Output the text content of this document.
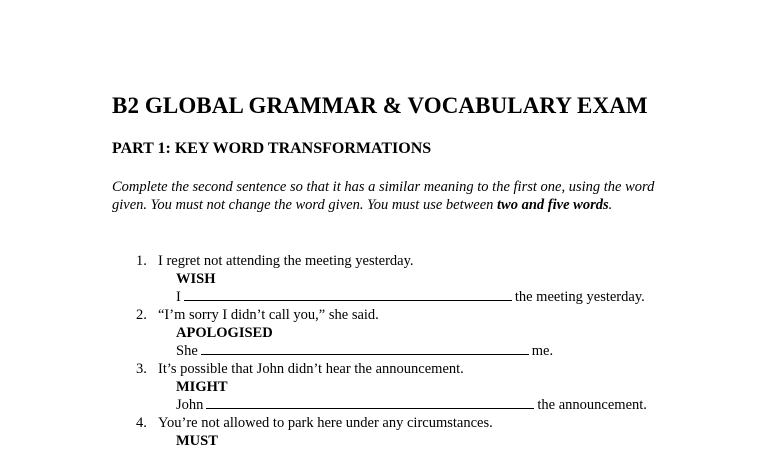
B2 GLOBAL GRAMMAR & VOCABULARY EXAM
PART 1: KEY WORD TRANSFORMATIONS
Complete the second sentence so that it has a similar meaning to the first one, using the word given. You must not change the word given. You must use between two and five words.
1. I regret not attending the meeting yesterday.
WISH
I	the meeting yesterday.
2. “I’m sorry I didn’t call you,” she said.
APOLOGISED
She	me.
3. It’s possible that John didn’t hear the announcement.
MIGHT
John	the announcement.
4. You’re not allowed to park here under any circumstances.
MUST
